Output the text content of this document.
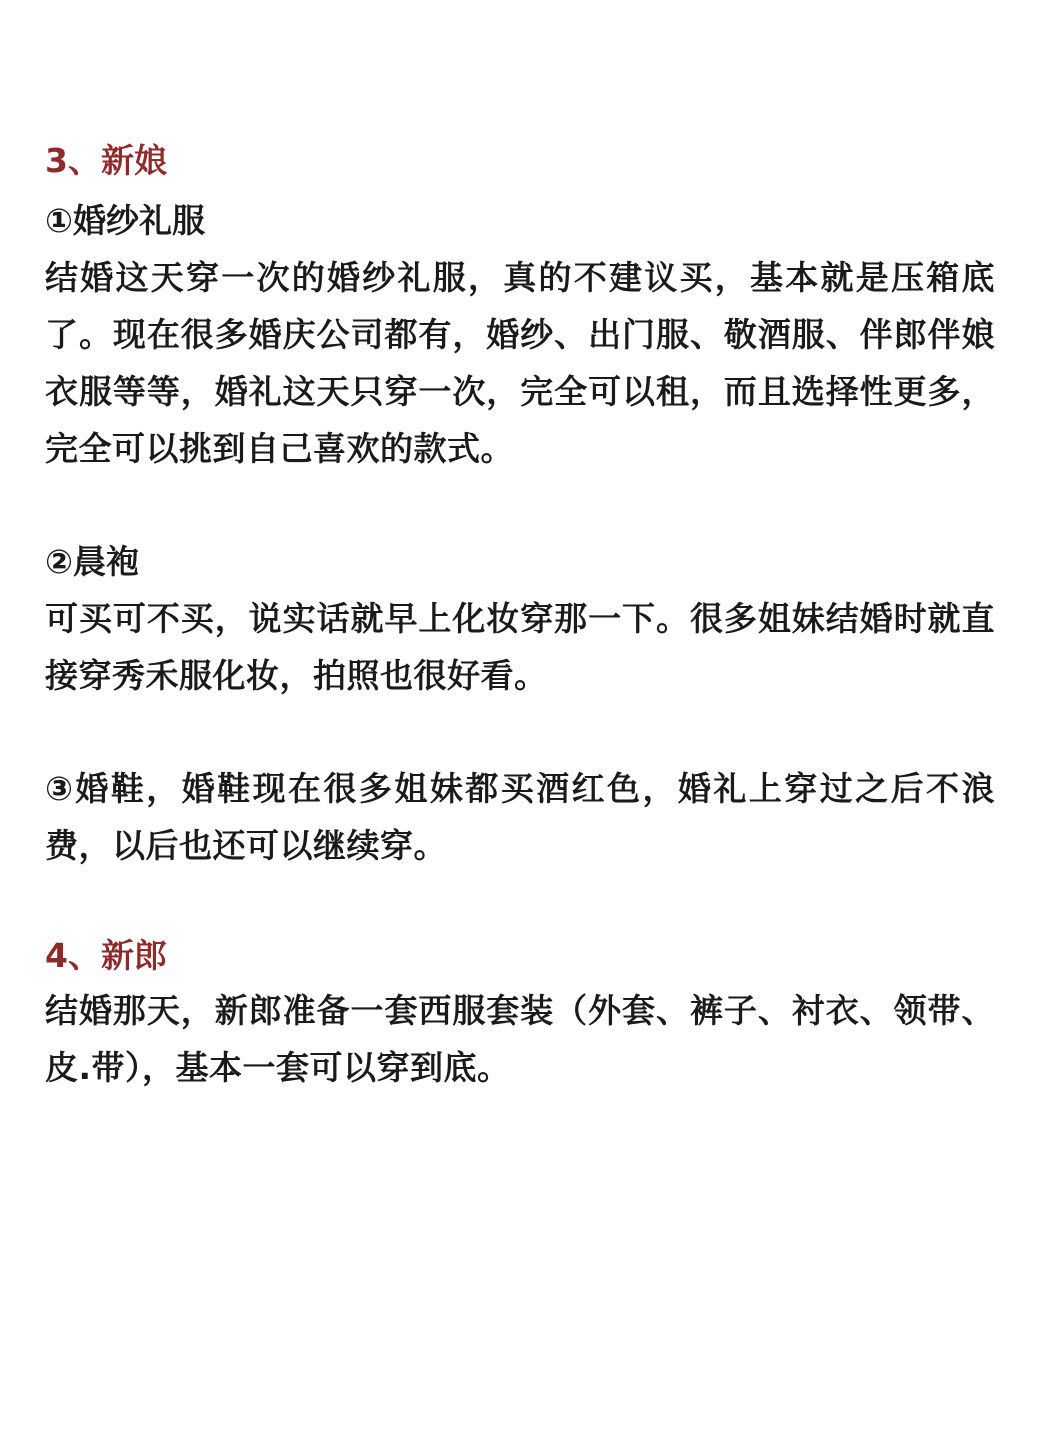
3、新娘
①婚纱礼服

结婚这天穿一次的婚纱礼服，真的不建议买，基本就是压箱底了。现在很多婚庆公司都有，婚纱、出门服、敬酒服、伴郎伴娘衣服等等，婚礼这天只穿一次，完全可以租，而且选择性更多，完全可以挑到自己喜欢的款式。

②晨袍

可买可不买，说实话就早上化妆穿那一下。很多姐妹结婚时就直接穿秀禾服化妆，拍照也很好看。

③婚鞋，婚鞋现在很多姐妹都买酒红色，婚礼上穿过之后不浪费，以后也还可以继续穿。

4、新郎

结婚那天，新郎准备一套西服套装（外套、裤子、衬衣、领带、皮.带），基本一套可以穿到底。
